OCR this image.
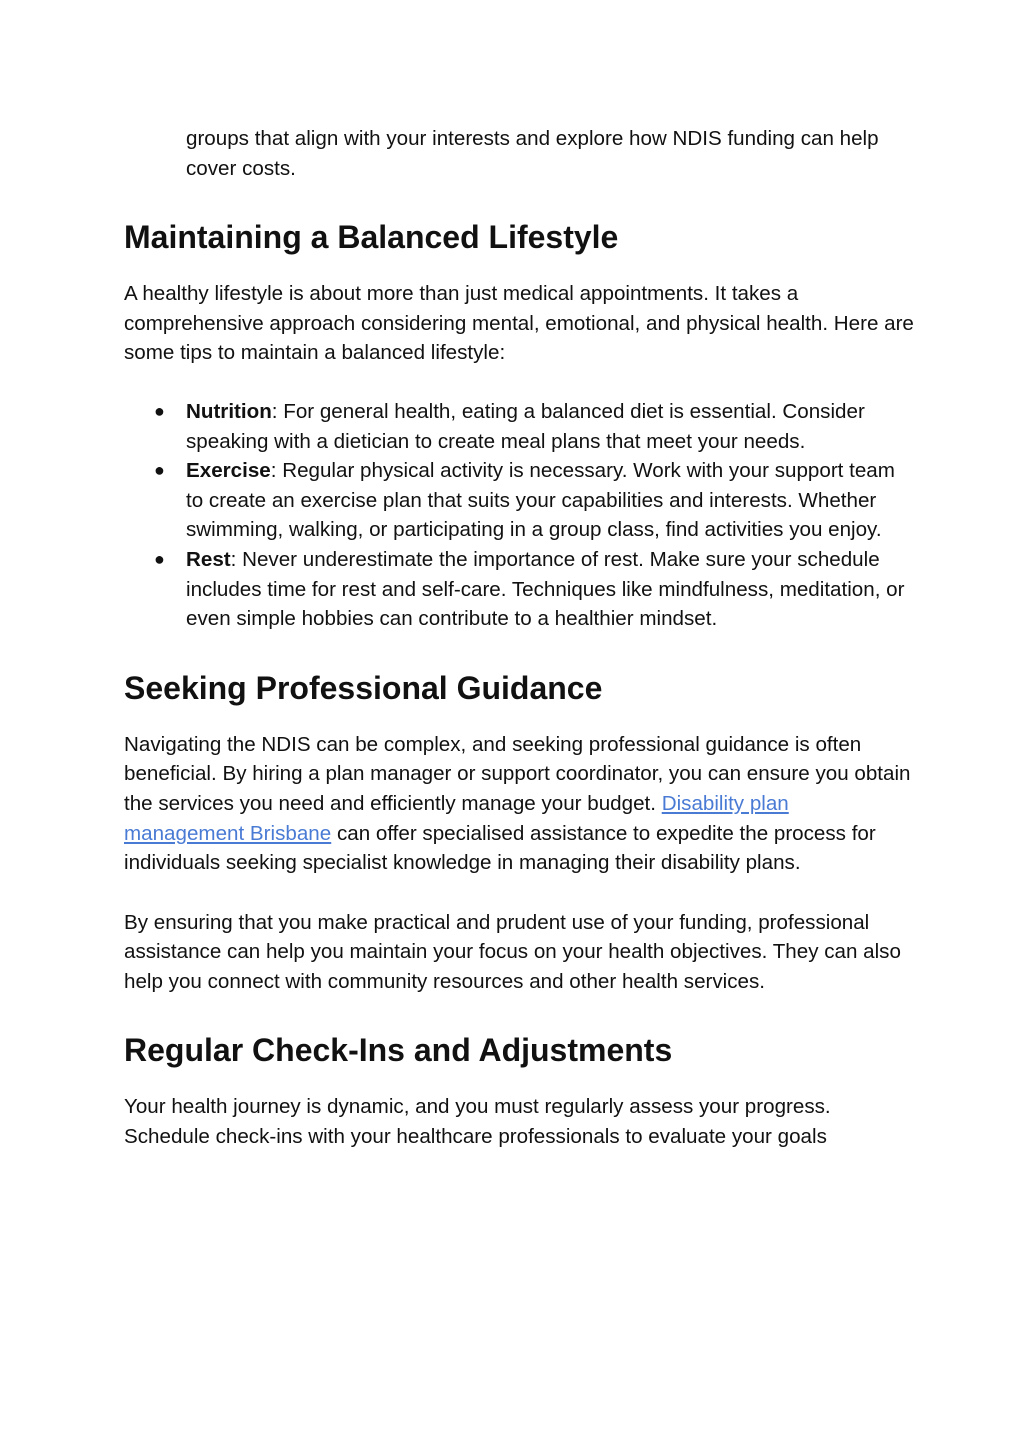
groups that align with your interests and explore how NDIS funding can help cover costs.

Maintaining a Balanced Lifestyle

A healthy lifestyle is about more than just medical appointments. It takes a comprehensive approach considering mental, emotional, and physical health. Here are some tips to maintain a balanced lifestyle:

● Nutrition: For general health, eating a balanced diet is essential. Consider speaking with a dietician to create meal plans that meet your needs.
● Exercise: Regular physical activity is necessary. Work with your support team to create an exercise plan that suits your capabilities and interests. Whether swimming, walking, or participating in a group class, find activities you enjoy.
● Rest: Never underestimate the importance of rest. Make sure your schedule includes time for rest and self-care. Techniques like mindfulness, meditation, or even simple hobbies can contribute to a healthier mindset.
Seeking Professional Guidance

Navigating the NDIS can be complex, and seeking professional guidance is often beneficial. By hiring a plan manager or support coordinator, you can ensure you obtain the services you need and efficiently manage your budget. Disability plan management Brisbane can offer specialised assistance to expedite the process for individuals seeking specialist knowledge in managing their disability plans.

By ensuring that you make practical and prudent use of your funding, professional assistance can help you maintain your focus on your health objectives. They can also help you connect with community resources and other health services.

Regular Check-Ins and Adjustments

Your health journey is dynamic, and you must regularly assess your progress. Schedule check-ins with your healthcare professionals to evaluate your goals
